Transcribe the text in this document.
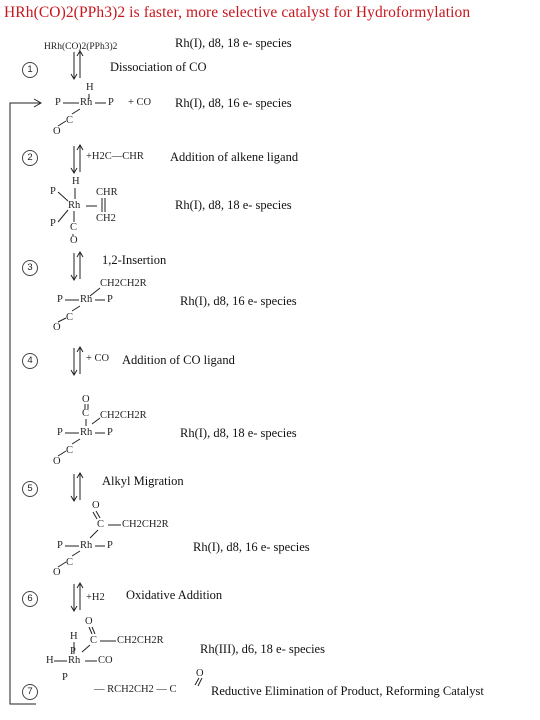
HRh(CO)2(PPh3)2 is faster, more selective catalyst for Hydroformylation
Rh(I), d8, 18 e- species
Rh(I), d8, 16 e- species
Rh(I), d8, 18 e- species
Rh(I), d8, 16 e- species
Rh(I), d8, 18 e- species
Rh(I), d8, 16 e- species
Rh(III), d6, 18 e- species
Dissociation of CO
Addition of alkene ligand
1,2-Insertion
Addition of CO ligand
Alkyl Migration
Oxidative Addition
Reductive Elimination of Product, Reforming Catalyst
1
2
3
4
5
6
7
+H2C—CHR
+ CO
+H2
HRh(CO)2(PPh3)2
H
P Rh P + CO
C
O
H
P	CHR
Rh
CH2
P C
O
CH2CH2R
P Rh P
C
O
O
C CH2CH2R
P Rh P
C
O
O
C CH2CH2R
P Rh P
C
O
O
H C CH2CH2R
P
H Rh CO
P
— RCH2CH2 — C
O
